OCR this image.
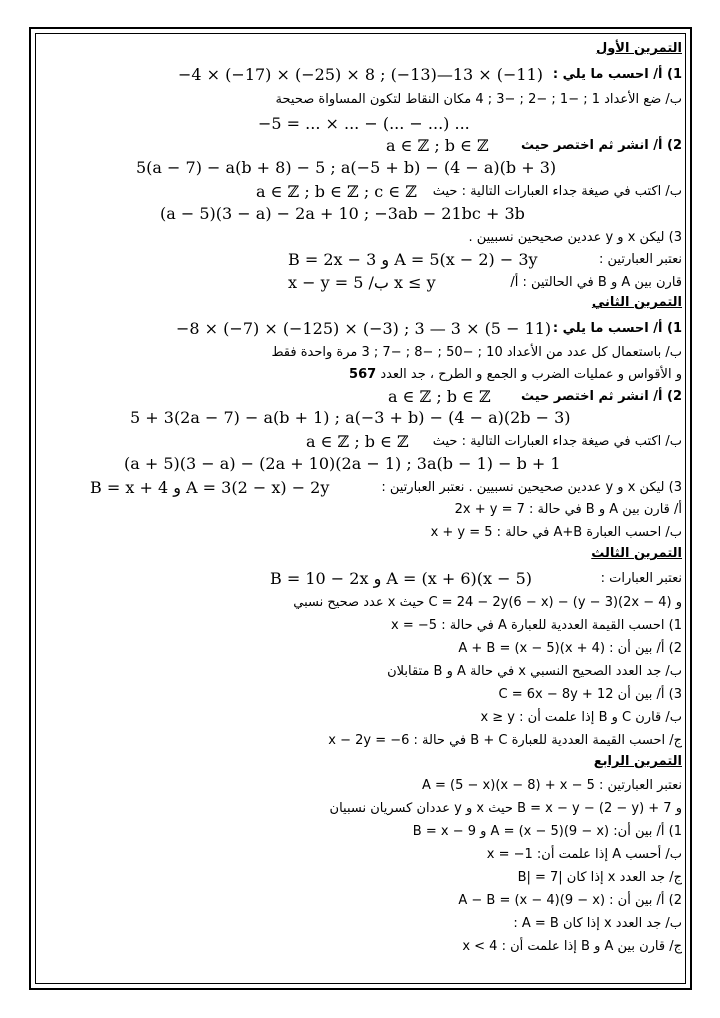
التمرين الأول
1) أ/ احسب ما يلي :
−4 × (−17) × (−25) × 8 ; (−13)—13 × (−11)
ب/ ضع الأعداد 1 ; −1 ; −2 ; −3 ; 4 مكان النقاط لتكون المساواة صحيحة
−5 = ... × ... − (... − ...) ...
2) أ/ انشر ثم اختصر حيث
a ∈ ℤ ; b ∈ ℤ
5(a − 7) − a(b + 8) − 5 ; a(−5 + b) − (4 − a)(b + 3)
ب/ اكتب في صيغة جداء العبارات التالية : حيث
a ∈ ℤ ; b ∈ ℤ ; c ∈ ℤ
(a − 5)(3 − a) − 2a + 10 ; −3ab − 21bc + 3b
3) ليكن x و y عددين صحيحين نسبيين .
نعتبر العبارتين :
B = 2x − 3 و A = 5(x − 2) − 3y
قارن بين A و B في الحالتين : أ/
x − y = 5 /ب x ≤ y
التمرين الثاني
1) أ/ احسب ما يلي :
−8 × (−7) × (−125) × (−3) ; 3 — 3 × (5 − 11)
ب/ باستعمال كل عدد من الأعداد 10 ; −50 ; −8 ; −7 ; 3 مرة واحدة فقط
و الأقواس و عمليات الضرب و الجمع و الطرح ، جد العدد 567
2) أ/ انشر ثم اختصر حيث
a ∈ ℤ ; b ∈ ℤ
5 + 3(2a − 7) − a(b + 1) ; a(−3 + b) − (4 − a)(2b − 3)
ب/ اكتب في صيغة جداء العبارات التالية : حيث
a ∈ ℤ ; b ∈ ℤ
(a + 5)(3 − a) − (2a + 10)(2a − 1) ; 3a(b − 1) − b + 1
3) ليكن x و y عددين صحيحين نسبيين . نعتبر العبارتين :
B = x + 4 و A = 3(2 − x) − 2y
أ/ قارن بين A و B في حالة : 2x + y = 7
ب/ احسب العبارة A+B في حالة : x + y = 5
التمرين الثالث
نعتبر العبارات :
B = 10 − 2x و A = (x + 6)(x − 5)
و C = 24 − 2y(6 − x) − (y − 3)(2x − 4) حيث x عدد صحيح نسبي
1) احسب القيمة العددية للعبارة A في حالة : x = −5
2) أ/ بين أن : A + B = (x − 5)(x + 4)
ب/ جد العدد الصحيح النسبي x في حالة A و B متقابلان
3) أ/ بين أن C = 6x − 8y + 12
ب/ قارن C و B إذا علمت أن : x ≥ y
ج/ احسب القيمة العددية للعبارة B + C في حالة : x − 2y = −6
التمرين الرابع
نعتبر العبارتين : A = (5 − x)(x − 8) + x − 5
و B = x − y − (2 − y) + 7 حيث x و y عددان كسريان نسبيان
1) أ/ بين أن: A = (x − 5)(9 − x) و B = x − 9
ب/ أحسب A إذا علمت أن: x = −1
ج/ جد العدد x إذا كان |B| = 7
2) أ/ بين أن : A − B = (x − 4)(9 − x)
ب/ جد العدد x إذا كان A = B :
ج/ قارن بين A و B إذا علمت أن : x < 4
